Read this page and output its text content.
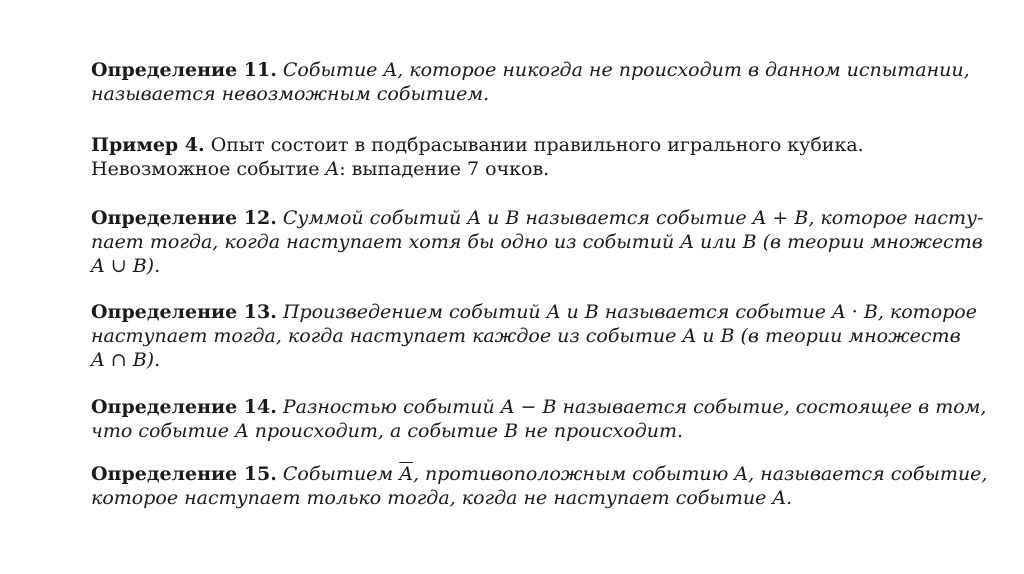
Определение 11. Событие A, которое никогда не происходит в данном испытании,
называется невозможным событием.
Пример 4. Опыт состоит в подбрасывании правильного игрального кубика.
Невозможное событие A: выпадение 7 очков.
Определение 12. Суммой событий A и B называется событие A + B, которое насту-
пает тогда, когда наступает хотя бы одно из событий A или B (в теории множеств
A ∪ B).
Определение 13. Произведением событий A и B называется событие A · B, которое
наступает тогда, когда наступает каждое из событие A и B (в теории множеств
A ∩ B).
Определение 14. Разностью событий A − B называется событие, состоящее в том,
что событие A происходит, а событие B не происходит.
Определение 15. Событием $\overline{A}$, противоположным событию A, называется событие,
которое наступает только тогда, когда не наступает событие A.
